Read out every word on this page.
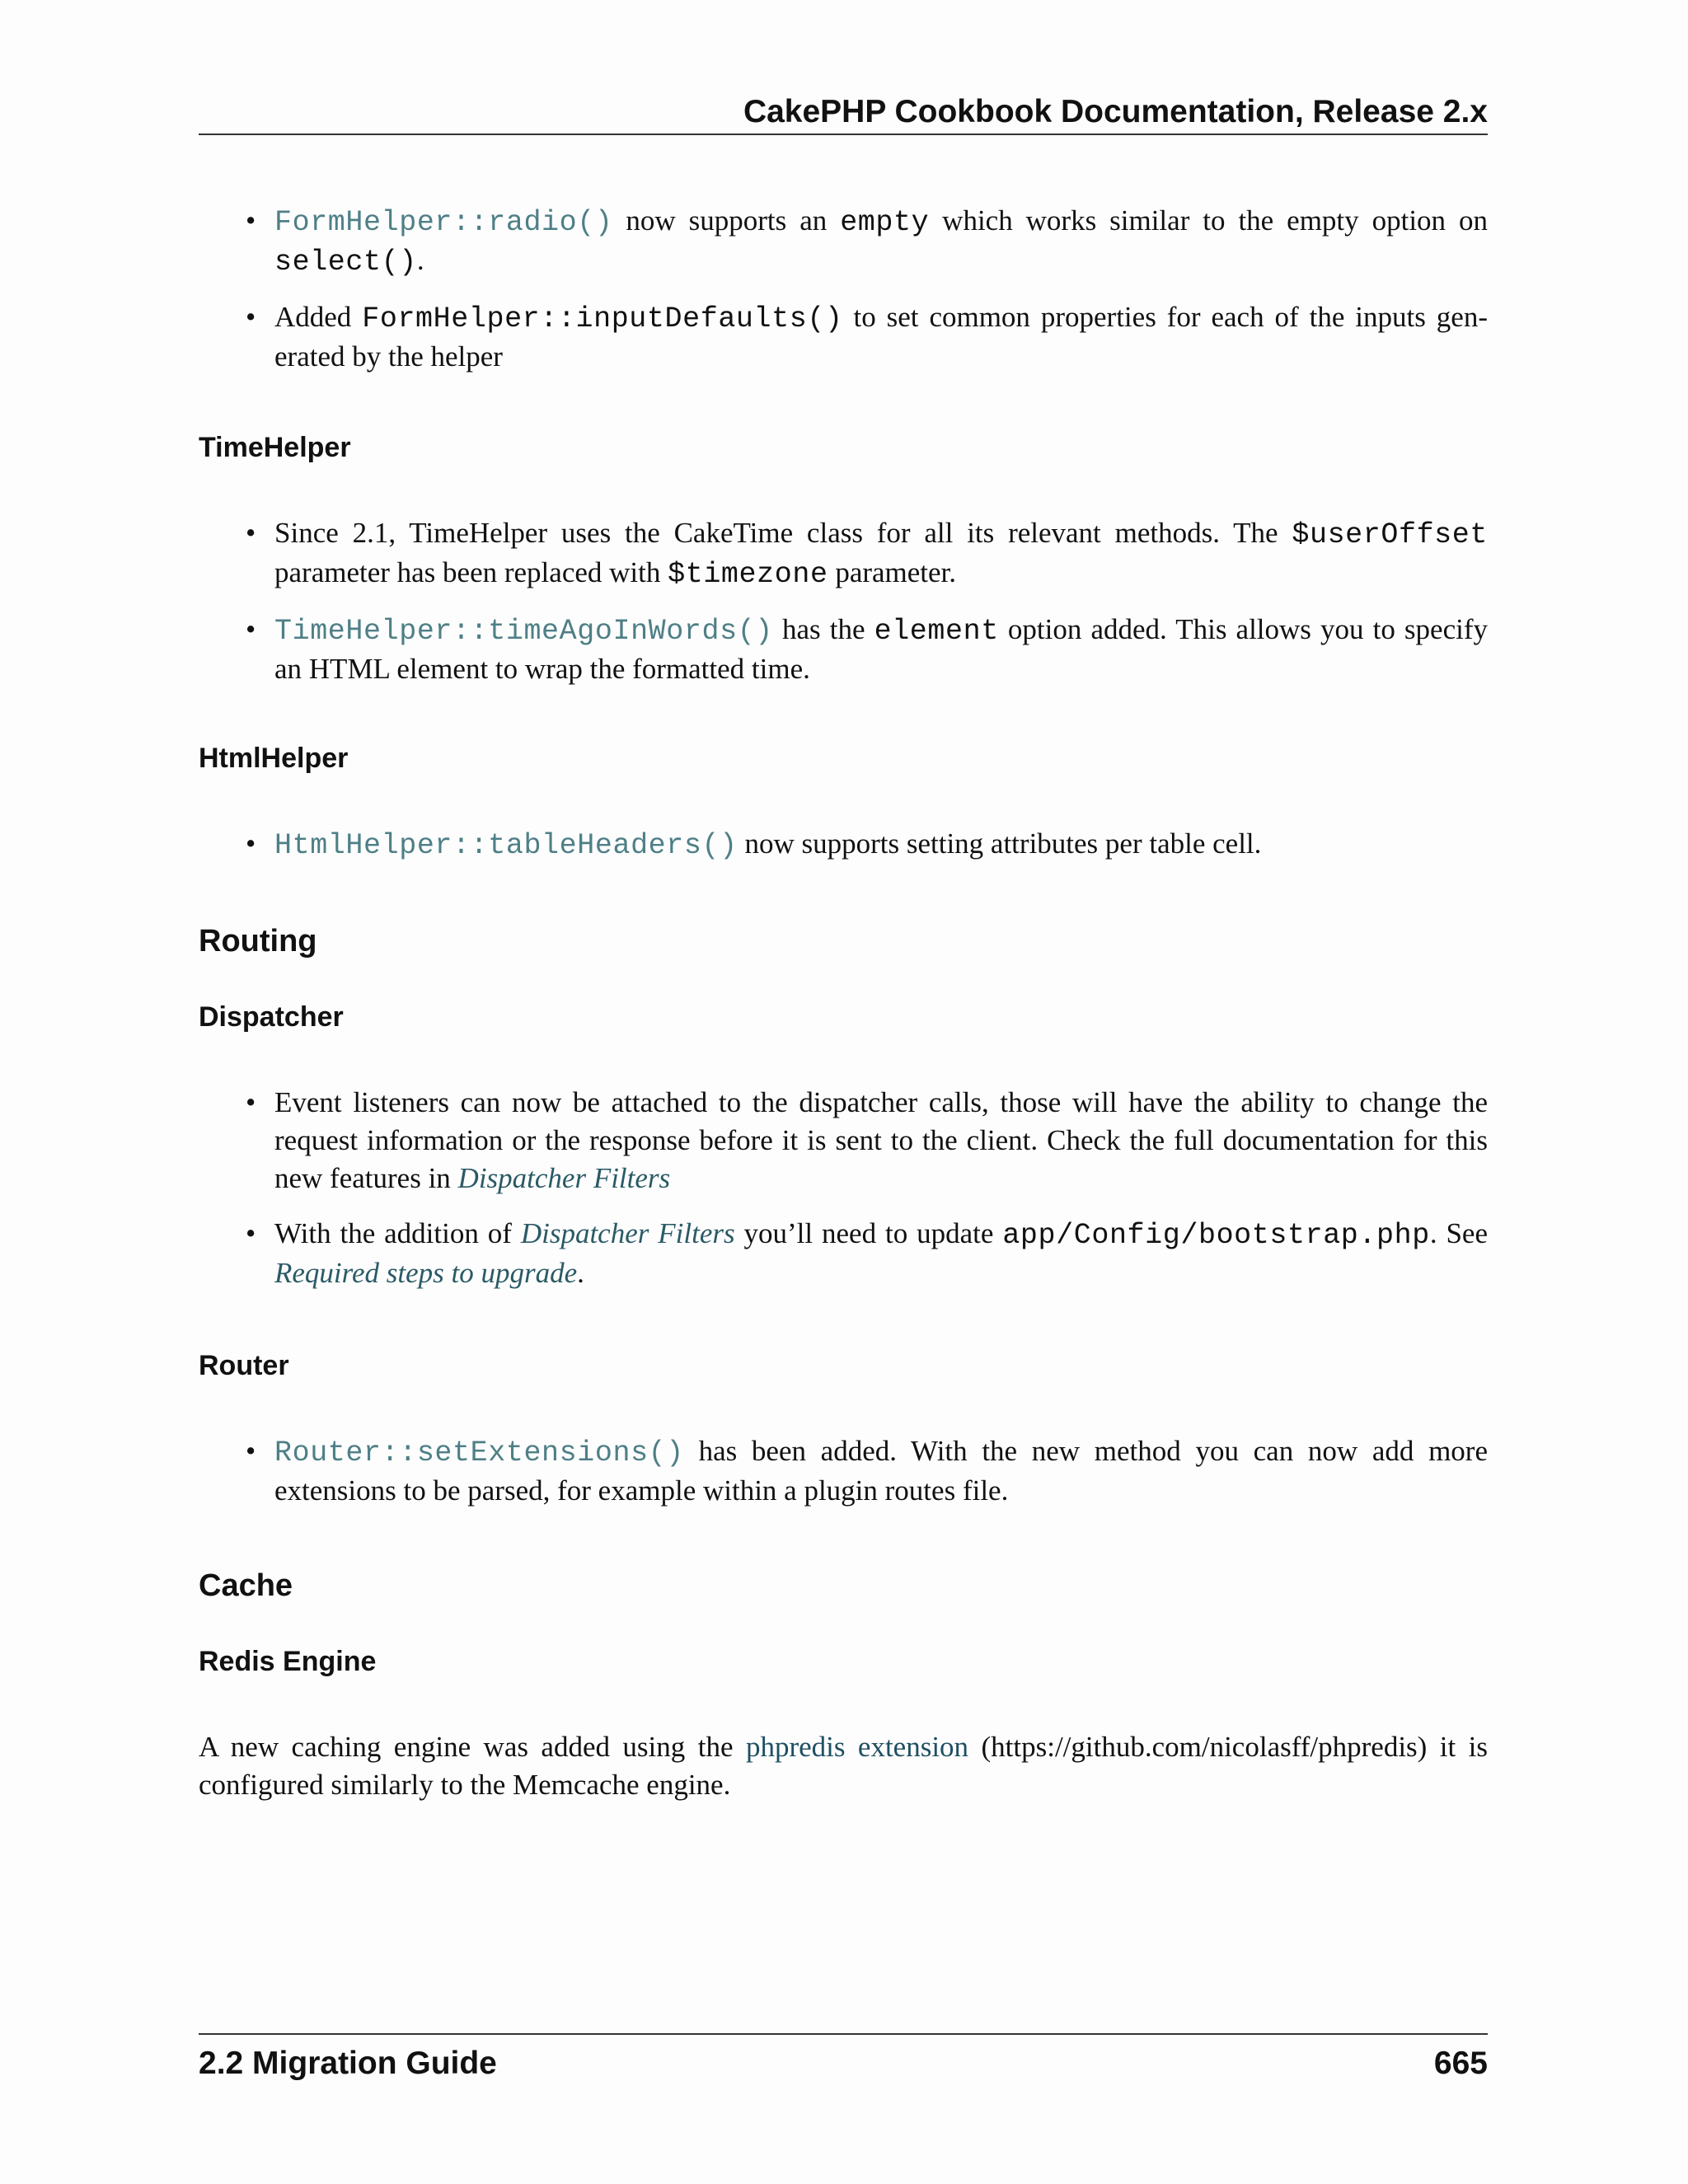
CakePHP Cookbook Documentation, Release 2.x
• FormHelper::radio() now supports an empty which works similar to the empty option on select().
• Added FormHelper::inputDefaults() to set common properties for each of the inputs gen-erated by the helper
TimeHelper
• Since 2.1, TimeHelper uses the CakeTime class for all its relevant methods. The $userOffset parameter has been replaced with $timezone parameter.
• TimeHelper::timeAgoInWords() has the element option added. This allows you to specify an HTML element to wrap the formatted time.
HtmlHelper
• HtmlHelper::tableHeaders() now supports setting attributes per table cell.
Routing
Dispatcher
• Event listeners can now be attached to the dispatcher calls, those will have the ability to change the request information or the response before it is sent to the client. Check the full documentation for this new features in Dispatcher Filters
• With the addition of Dispatcher Filters you’ll need to update app/Config/bootstrap.php. See Required steps to upgrade.
Router
• Router::setExtensions() has been added. With the new method you can now add more extensions to be parsed, for example within a plugin routes file.
Cache
Redis Engine

A new caching engine was added using the phpredis extension (https://github.com/nicolasff/phpredis) it is configured similarly to the Memcache engine.

2.2 Migration Guide	665
